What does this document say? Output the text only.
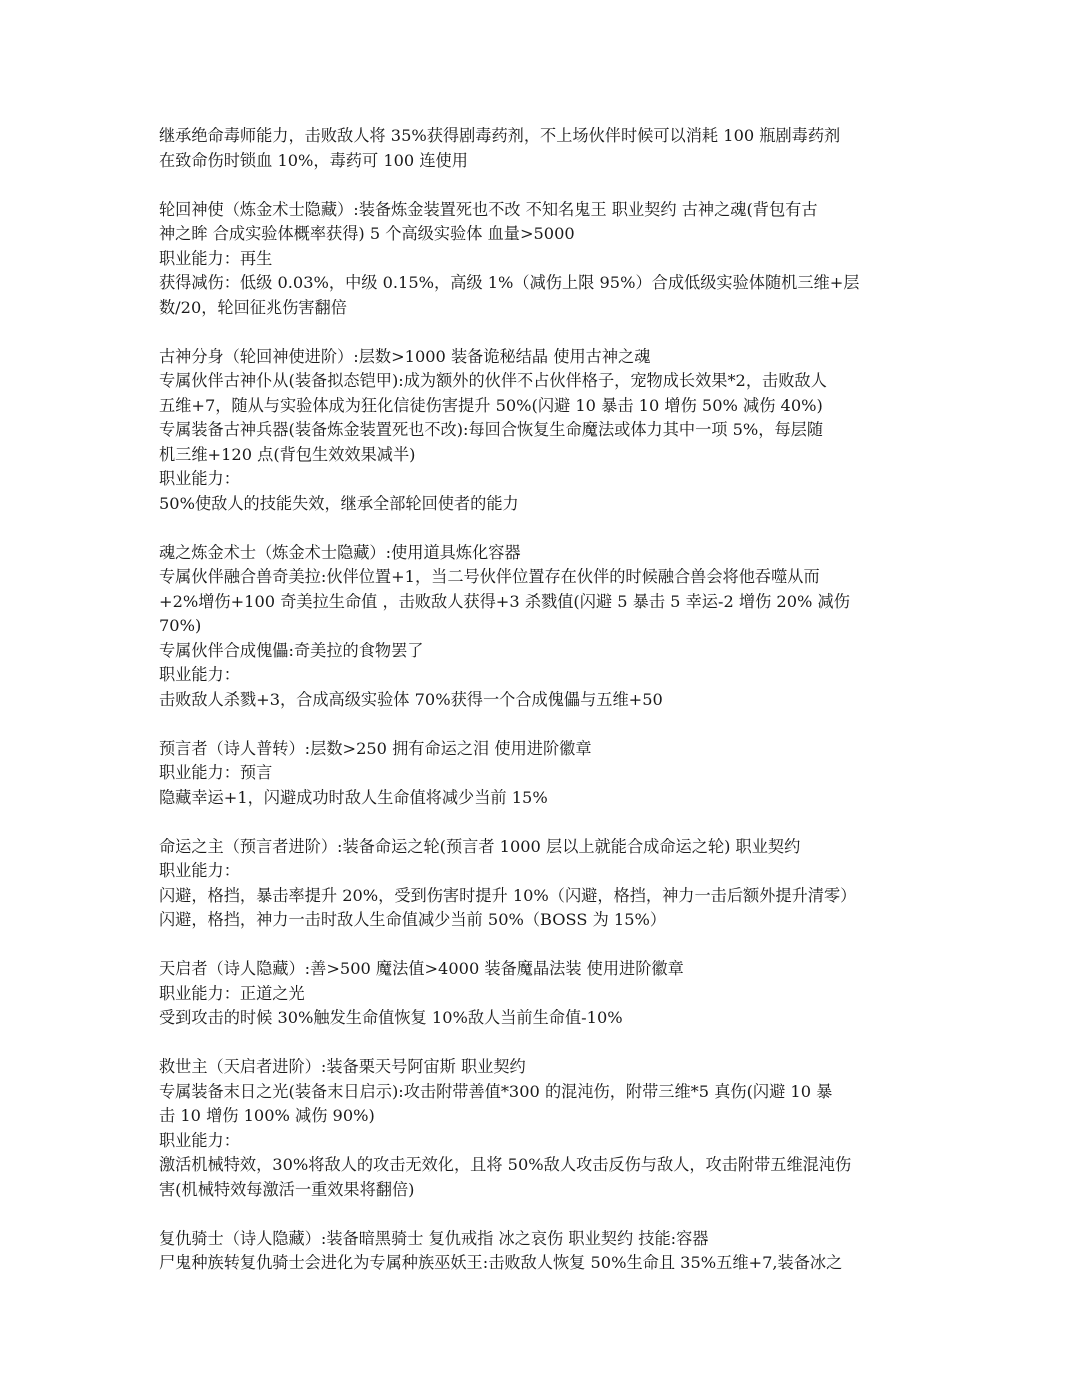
继承绝命毒师能力，击败敌人将 35%获得剧毒药剂，不上场伙伴时候可以消耗 100 瓶剧毒药剂
在致命伤时锁血 10%，毒药可 100 连使用
轮回神使（炼金术士隐藏）:装备炼金装置死也不改 不知名鬼王 职业契约 古神之魂(背包有古
神之眸 合成实验体概率获得) 5 个高级实验体 血量>5000
职业能力：再生
获得减伤：低级 0.03%，中级 0.15%，高级 1%（减伤上限 95%）合成低级实验体随机三维+层
数/20，轮回征兆伤害翻倍
古神分身（轮回神使进阶）:层数>1000 装备诡秘结晶 使用古神之魂
专属伙伴古神仆从(装备拟态铠甲):成为额外的伙伴不占伙伴格子，宠物成长效果*2，击败敌人
五维+7，随从与实验体成为狂化信徒伤害提升 50%(闪避 10 暴击 10 增伤 50% 减伤 40%)
专属装备古神兵器(装备炼金装置死也不改):每回合恢复生命魔法或体力其中一项 5%，每层随
机三维+120 点(背包生效效果减半)
职业能力：
50%使敌人的技能失效，继承全部轮回使者的能力
魂之炼金术士（炼金术士隐藏）:使用道具炼化容器
专属伙伴融合兽奇美拉:伙伴位置+1，当二号伙伴位置存在伙伴的时候融合兽会将他吞噬从而
+2%增伤+100 奇美拉生命值 ，击败敌人获得+3 杀戮值(闪避 5 暴击 5 幸运-2 增伤 20% 减伤
70%)
专属伙伴合成傀儡:奇美拉的食物罢了
职业能力：
击败敌人杀戮+3，合成高级实验体 70%获得一个合成傀儡与五维+50
预言者（诗人普转）:层数>250 拥有命运之泪 使用进阶徽章
职业能力：预言
隐藏幸运+1，闪避成功时敌人生命值将减少当前 15%
命运之主（预言者进阶）:装备命运之轮(预言者 1000 层以上就能合成命运之轮) 职业契约
职业能力：
闪避，格挡，暴击率提升 20%，受到伤害时提升 10%（闪避，格挡，神力一击后额外提升清零）
闪避，格挡，神力一击时敌人生命值减少当前 50%（BOSS 为 15%）
天启者（诗人隐藏）:善>500 魔法值>4000 装备魔晶法装 使用进阶徽章
职业能力：正道之光
受到攻击的时候 30%触发生命值恢复 10%敌人当前生命值-10%
救世主（天启者进阶）:装备栗天号阿宙斯 职业契约
专属装备末日之光(装备末日启示):攻击附带善值*300 的混沌伤，附带三维*5 真伤(闪避 10 暴
击 10 增伤 100% 减伤 90%)
职业能力：
激活机械特效，30%将敌人的攻击无效化，且将 50%敌人攻击反伤与敌人，攻击附带五维混沌伤
害(机械特效每激活一重效果将翻倍)
复仇骑士（诗人隐藏）:装备暗黑骑士 复仇戒指 冰之哀伤 职业契约 技能:容器
尸鬼种族转复仇骑士会进化为专属种族巫妖王:击败敌人恢复 50%生命且 35%五维+7,装备冰之
